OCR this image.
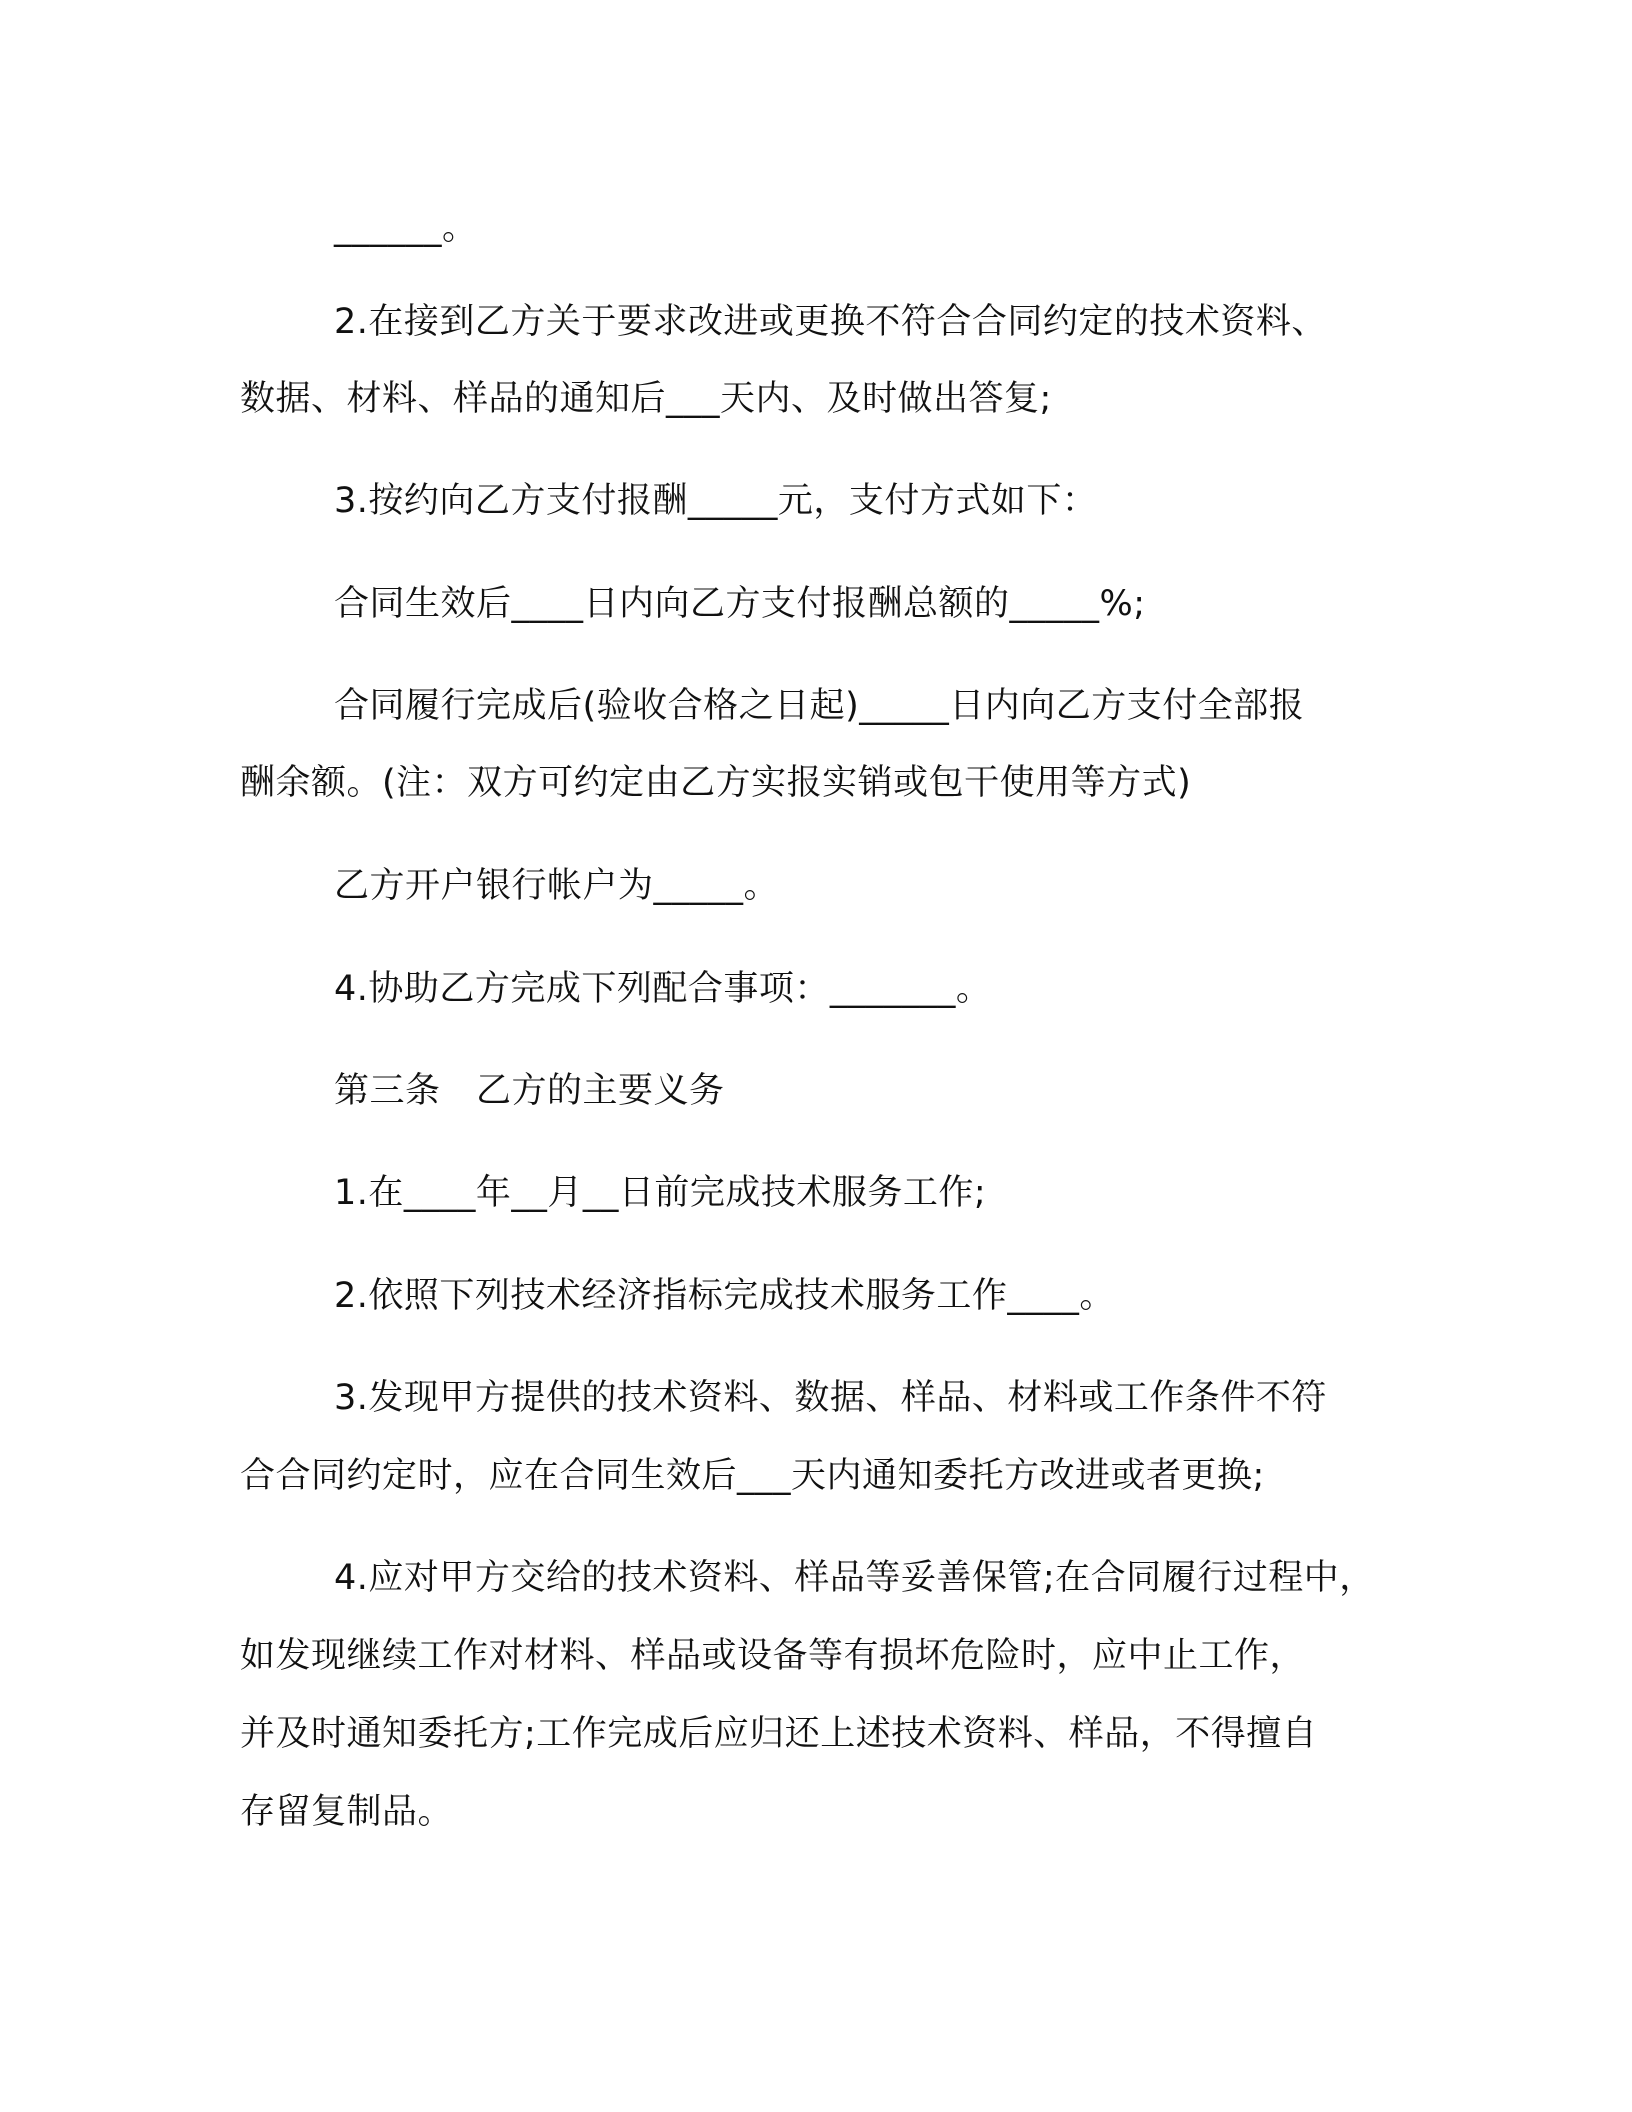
______。
2.在接到乙方关于要求改进或更换不符合合同约定的技术资料、
数据、材料、样品的通知后___天内、及时做出答复;
3.按约向乙方支付报酬_____元，支付方式如下：
合同生效后____日内向乙方支付报酬总额的_____%;
合同履行完成后(验收合格之日起)_____日内向乙方支付全部报
酬余额。(注：双方可约定由乙方实报实销或包干使用等方式)
乙方开户银行帐户为_____。
4.协助乙方完成下列配合事项：_______。
第三条　乙方的主要义务
1.在____年__月__日前完成技术服务工作;
2.依照下列技术经济指标完成技术服务工作____。
3.发现甲方提供的技术资料、数据、样品、材料或工作条件不符
合合同约定时，应在合同生效后___天内通知委托方改进或者更换;
4.应对甲方交给的技术资料、样品等妥善保管;在合同履行过程中，
如发现继续工作对材料、样品或设备等有损坏危险时，应中止工作，
并及时通知委托方;工作完成后应归还上述技术资料、样品，不得擅自
存留复制品。
